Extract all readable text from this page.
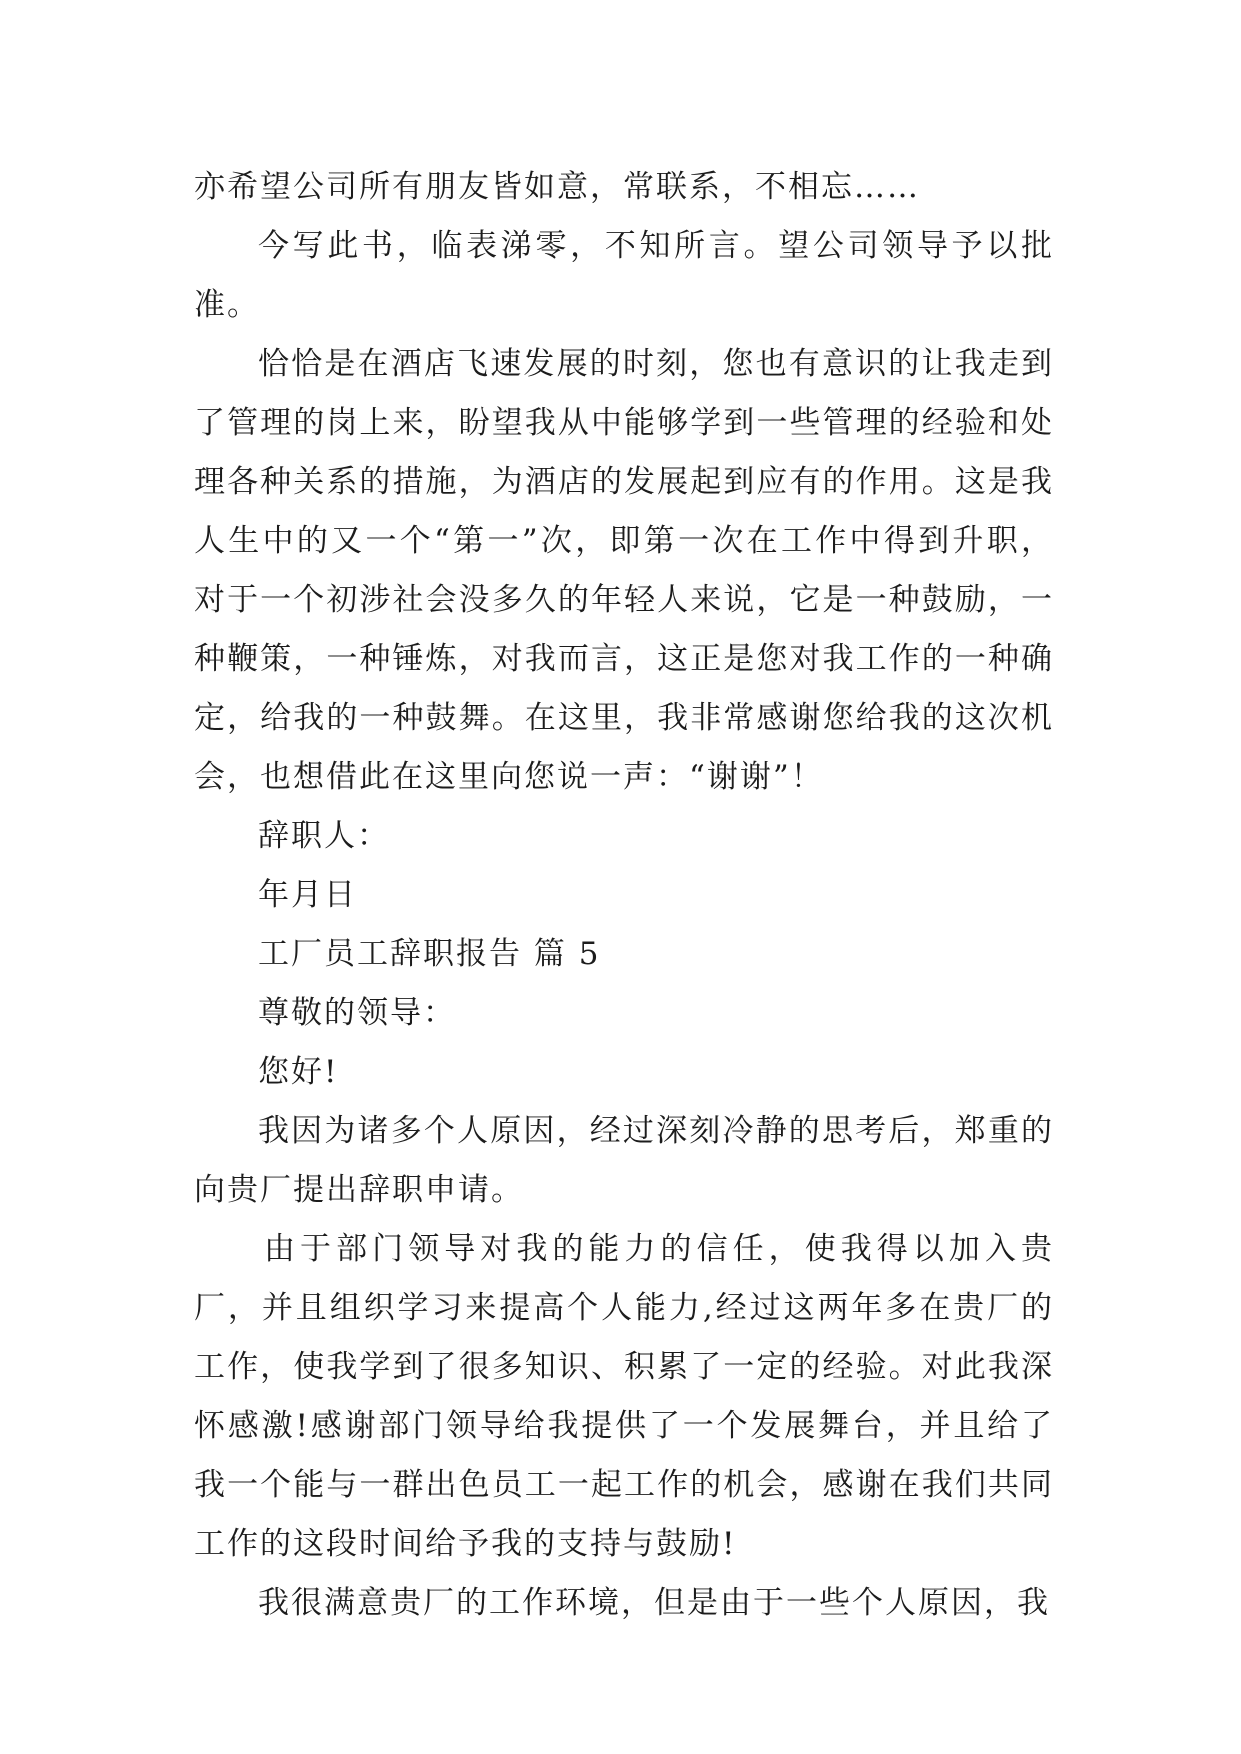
亦希望公司所有朋友皆如意，常联系，不相忘……

今写此书，临表涕零，不知所言。望公司领导予以批准。

恰恰是在酒店飞速发展的时刻，您也有意识的让我走到了管理的岗上来，盼望我从中能够学到一些管理的经验和处理各种关系的措施，为酒店的发展起到应有的作用。这是我人生中的又一个“第一”次，即第一次在工作中得到升职，对于一个初涉社会没多久的年轻人来说，它是一种鼓励，一种鞭策，一种锤炼，对我而言，这正是您对我工作的一种确定，给我的一种鼓舞。在这里，我非常感谢您给我的这次机会，也想借此在这里向您说一声：“谢谢”！

辞职人：

年月日

工厂员工辞职报告 篇 5

尊敬的领导：

您好!

我因为诸多个人原因，经过深刻冷静的思考后，郑重的向贵厂提出辞职申请。

由于部门领导对我的能力的信任，使我得以加入贵厂，并且组织学习来提高个人能力,经过这两年多在贵厂的工作，使我学到了很多知识、积累了一定的经验。对此我深怀感激!感谢部门领导给我提供了一个发展舞台，并且给了我一个能与一群出色员工一起工作的机会，感谢在我们共同工作的这段时间给予我的支持与鼓励!

我很满意贵厂的工作环境，但是由于一些个人原因，我
